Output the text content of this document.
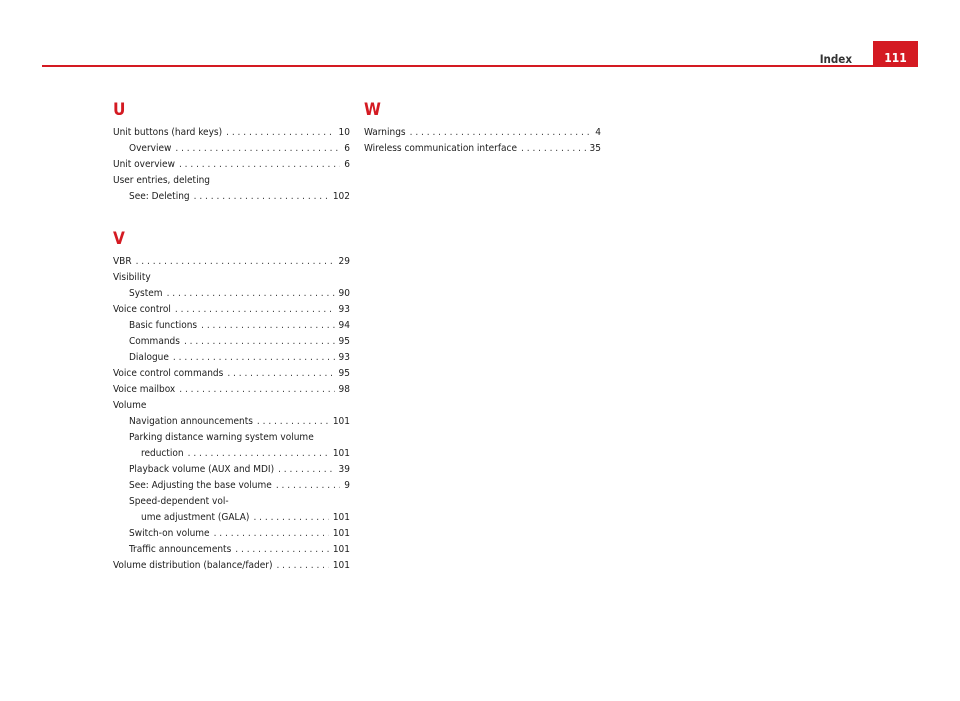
Index	111
U
Unit buttons (hard keys) . . .	10
Overview . . .	6
Unit overview . . .	6
User entries, deleting
See: Deleting . . .	102
V
VBR . . .	29
Visibility
System . . .	90
Voice control . . .	93
Basic functions . . .	94
Commands . . .	95
Dialogue . . .	93
Voice control commands . . .	95
Voice mailbox . . .	98
Volume
Navigation announcements . . .	101
Parking distance warning system volume
reduction . . .	101
Playback volume (AUX and MDI) . . .	39
See: Adjusting the base volume . . .	9
Speed-dependent vol-
ume adjustment (GALA) . . .	101
Switch-on volume . . .	101
Traffic announcements . . .	101
Volume distribution (balance/fader) . . .	101
W
Warnings . . .	4
Wireless communication interface . . .	35
